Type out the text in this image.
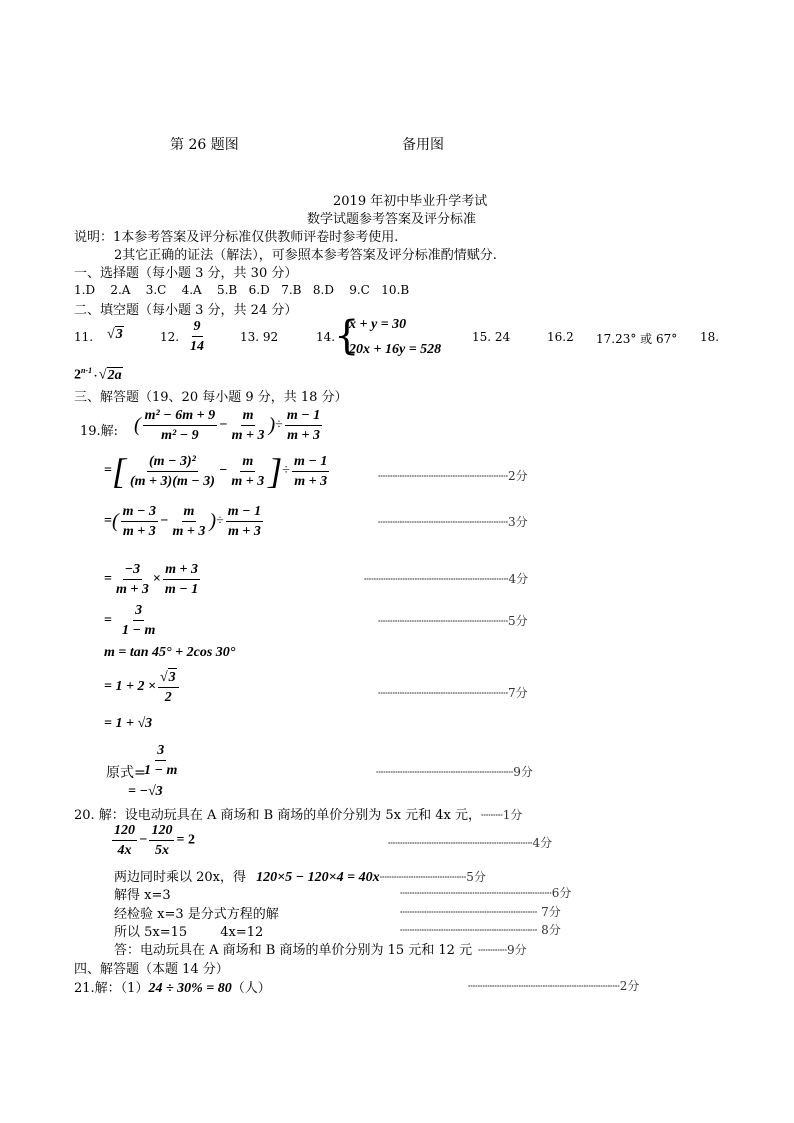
第 26 题图	备用图
2019 年初中毕业升学考试
数学试题参考答案及评分标准
说明：1本参考答案及评分标准仅供教师评卷时参考使用.
2其它正确的证法（解法），可参照本参考答案及评分标准酌情赋分.
一、选择题（每小题 3 分，共 30 分）
1.D    2.A    3.C    4.A    5.B   6.D   7.B   8.D    9.C   10.B
二、填空题（每小题 3 分，共 24 分）
11. √3	12. $\frac{9}{14}$	13. 92	14.
{
x + y = 30
20x + 16y = 528
15. 24	16.2 17.23° 或 67° 18.
$2^{n-1} \cdot √2a$
三、解答题（19、20 每小题 9 分，共 18 分）
19.解: ( $\frac{\text{m² − 6m + 9}}{\text{m² − 9}} - \frac{m}{m + 3}$ )÷ $\frac{m - 1}{m + 3}$
=[ $\frac{\text{(m − 3)²}}{(m + 3)(m - 3)} - \frac{m}{m + 3}$ ]÷ $\frac{m - 1}{m + 3}$	┄┄┄┄┄┄┄┄┄┄┄┄┄┄┄┄┄┄2分
=( $\frac{m - 3}{m + 3} - \frac{m}{m + 3}$ )÷ $\frac{m - 1}{m + 3}$	┄┄┄┄┄┄┄┄┄┄┄┄┄┄┄┄┄┄3分
= $\frac{-3}{m + 3} \times \frac{m + 3}{m - 1}$	┄┄┄┄┄┄┄┄┄┄┄┄┄┄┄┄┄┄┄┄4分
= $\frac{3}{1 - m}$	┄┄┄┄┄┄┄┄┄┄┄┄┄┄┄┄┄┄5分
m = tan 45° + 2cos 30°
= $1 + 2 \times \frac{√3}{2}$	┄┄┄┄┄┄┄┄┄┄┄┄┄┄┄┄┄┄7分
= 1 + √3
原式=
$\frac{3}{1 - m}$	┄┄┄┄┄┄┄┄┄┄┄┄┄┄┄┄┄┄┄9分
= −√3
20. 解：设电动玩具在 A 商场和 B 商场的单价分别为 5x 元和 4x 元，┄┄┄1分
$\frac{120}{4x} - \frac{120}{5x} = 2$	┄┄┄┄┄┄┄┄┄┄┄┄┄┄┄┄┄┄┄┄4分
两边同时乘以 20x，得 120×5 − 120×4 = 40x┄┄┄┄┄┄┄┄┄┄┄┄5分
解得 x=3	┄┄┄┄┄┄┄┄┄┄┄┄┄┄┄┄┄┄┄┄┄6分
经检验 x=3 是分式方程的解	┄┄┄┄┄┄┄┄┄┄┄┄┄┄┄┄┄┄┄ 7分
所以 5x=15        4x=12	┄┄┄┄┄┄┄┄┄┄┄┄┄┄┄┄┄┄┄ 8分
答：电动玩具在 A 商场和 B 商场的单价分别为 15 元和 12 元 ┄┄┄┄9分
四、解答题（本题 14 分）
21.解：（1）24 ÷ 30% = 80（人）	┄┄┄┄┄┄┄┄┄┄┄┄┄┄┄┄┄┄┄┄┄2分
